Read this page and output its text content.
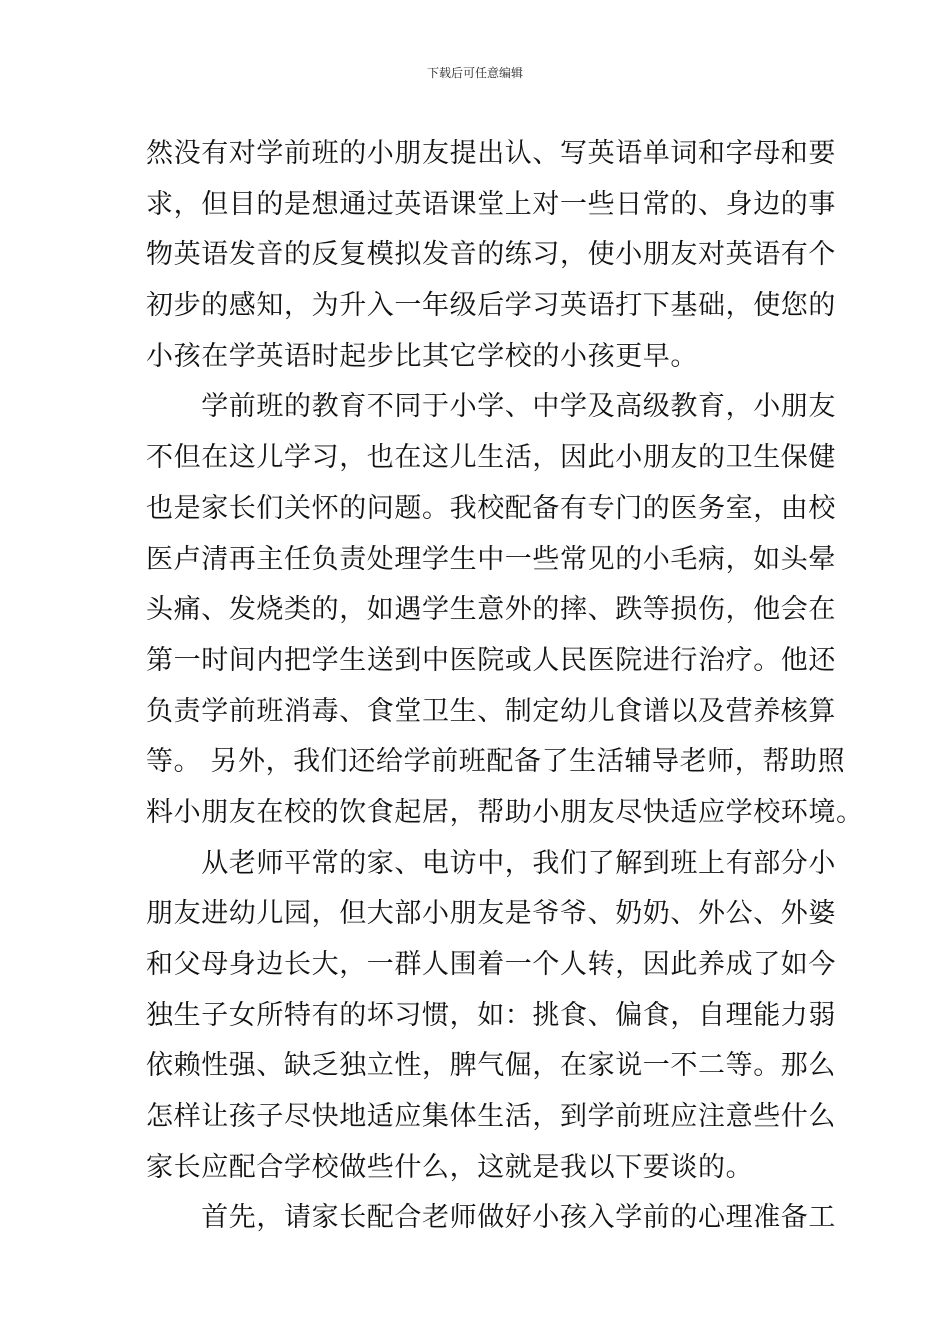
下载后可任意编辑
然没有对学前班的小朋友提出认、写英语单词和字母和要
求，但目的是想通过英语课堂上对一些日常的、身边的事
物英语发音的反复模拟发音的练习，使小朋友对英语有个
初步的感知，为升入一年级后学习英语打下基础，使您的
小孩在学英语时起步比其它学校的小孩更早。
　　学前班的教育不同于小学、中学及高级教育，小朋友
不但在这儿学习，也在这儿生活，因此小朋友的卫生保健
也是家长们关怀的问题。我校配备有专门的医务室，由校
医卢清再主任负责处理学生中一些常见的小毛病，如头晕
头痛、发烧类的，如遇学生意外的摔、跌等损伤，他会在
第一时间内把学生送到中医院或人民医院进行治疗。他还
负责学前班消毒、食堂卫生、制定幼儿食谱以及营养核算
等。 另外，我们还给学前班配备了生活辅导老师，帮助照
料小朋友在校的饮食起居，帮助小朋友尽快适应学校环境。
　　从老师平常的家、电访中，我们了解到班上有部分小
朋友进幼儿园，但大部小朋友是爷爷、奶奶、外公、外婆
和父母身边长大，一群人围着一个人转，因此养成了如今
独生子女所特有的坏习惯，如：挑食、偏食，自理能力弱
依赖性强、缺乏独立性，脾气倔，在家说一不二等。那么
怎样让孩子尽快地适应集体生活，到学前班应注意些什么
家长应配合学校做些什么，这就是我以下要谈的。
　　首先，请家长配合老师做好小孩入学前的心理准备工
